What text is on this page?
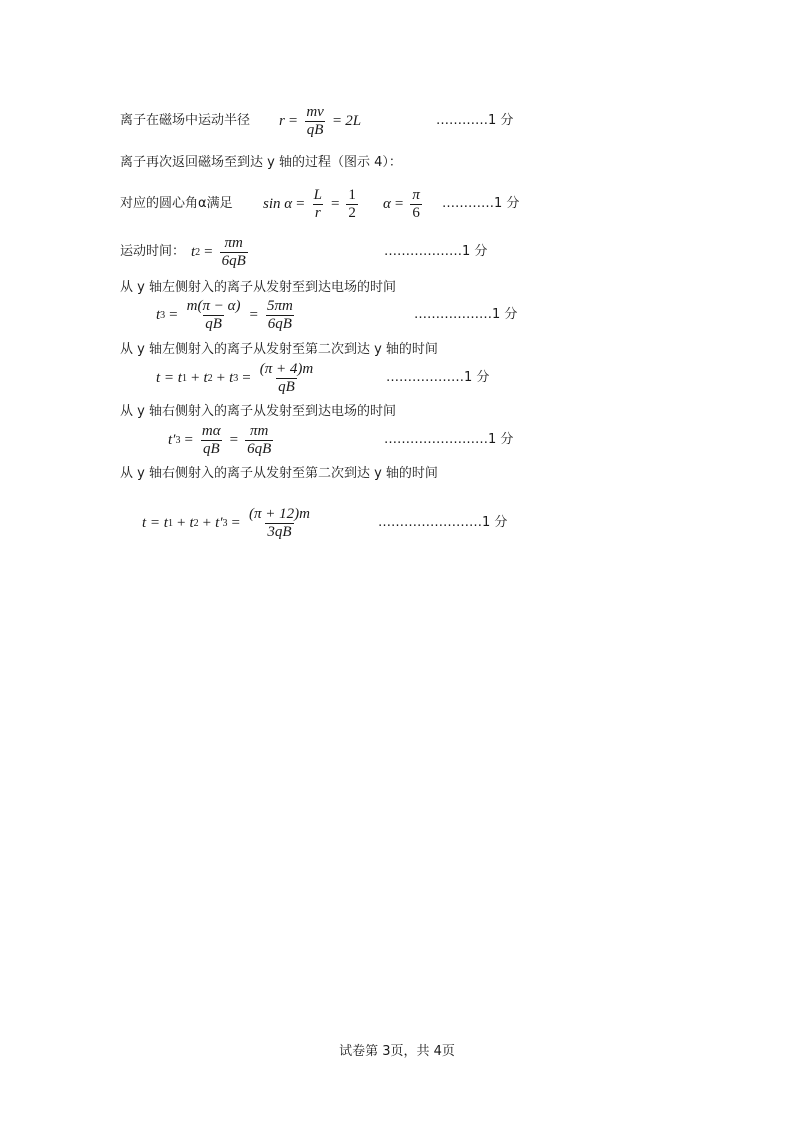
离子在磁场中运动半径 $r = \frac{mv}{qB} = 2L$	…………1 分
离子再次返回磁场至到达 y 轴的过程（图示 4）：
对应的圆心角α满足 $\sin \alpha = \frac{L}{r} = \frac{1}{2}$ $\alpha = \frac{\pi}{6}$ …………1 分
运动时间： t $2 = \frac{\pi m}{6qB}$	………………1 分
从 y 轴左侧射入的离子从发射至到达电场的时间
t $3 = \frac{m(\pi - \alpha)}{qB} = \frac{5\pi m}{6qB}$	………………1 分
从 y 轴左侧射入的离子从发射至第二次到达 y 轴的时间
t = t 1 + t 2 + t $3 = \frac{(\pi + 4)m}{qB}$	………………1 分
从 y 轴右侧射入的离子从发射至到达电场的时间
t′ $3 = \frac{m\alpha}{qB} = \frac{\pi m}{6qB}$	……………………1 分
从 y 轴右侧射入的离子从发射至第二次到达 y 轴的时间
t = t 1 + t 2 + t′ $3 = \frac{(\pi + 12)m}{3qB}$	……………………1 分
试卷第 3页，共 4页
